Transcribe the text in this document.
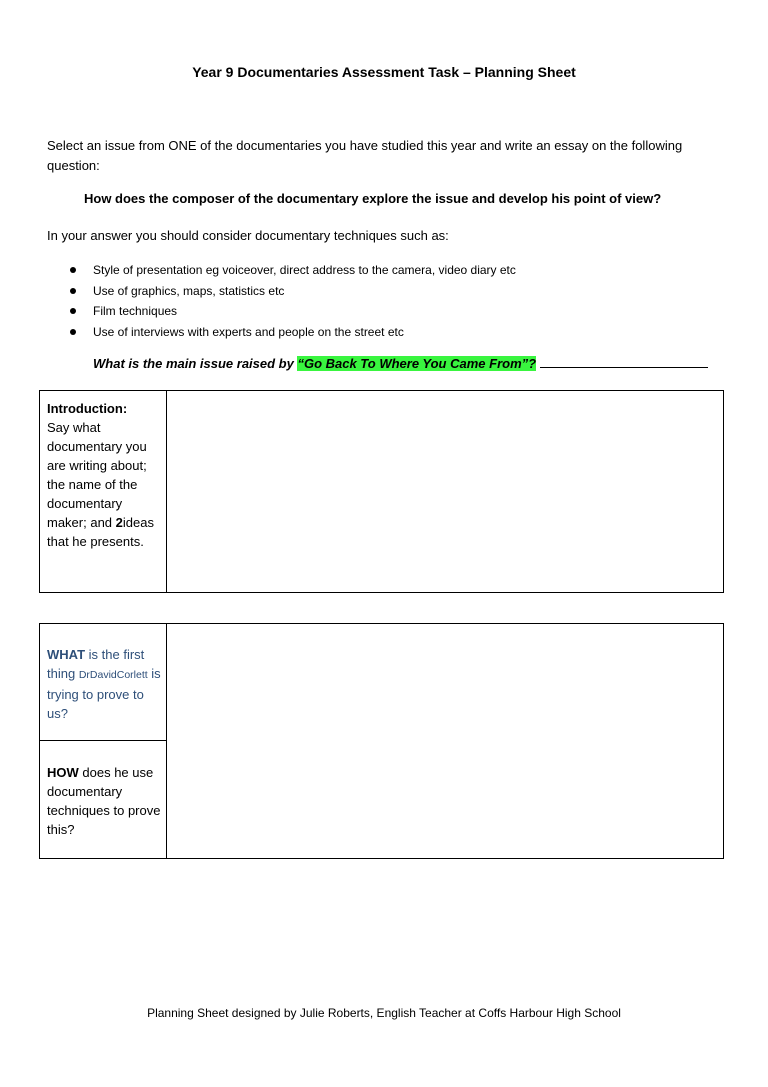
Year 9 Documentaries Assessment Task – Planning Sheet
Select an issue from ONE of the documentaries you have studied this year and write an essay on the following question:
How does the composer of the documentary explore the issue and develop his point of view?
In your answer you should consider documentary techniques such as:
Style of presentation eg voiceover, direct address to the camera, video diary etc
Use of graphics, maps, statistics etc
Film techniques
Use of interviews with experts and people on the street etc
What is the main issue raised by “Go Back To Where You Came From”?
Introduction:
Say what documentary you are writing about; the name of the documentary maker; and 2ideas that he presents.
WHAT is the first thing DrDavidCorlett is trying to prove to us?
HOW does he use documentary techniques to prove this?
Planning Sheet designed by Julie Roberts, English Teacher at Coffs Harbour High School
